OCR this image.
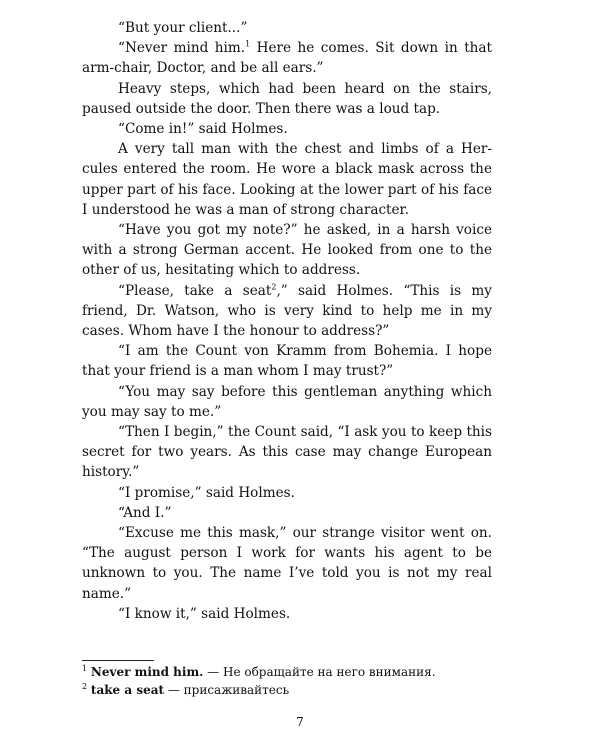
“But your client...”

“Never mind him.$^1$ Here he comes. Sit down in that arm-chair, Doctor, and be all ears.”

Heavy steps, which had been heard on the stairs, paused outside the door. Then there was a loud tap.

“Come in!” said Holmes.

A very tall man with the chest and limbs of a Hercules entered the room. He wore a black mask across the upper part of his face. Looking at the lower part of his face I understood he was a man of strong character.

“Have you got my note?” he asked, in a harsh voice with a strong German accent. He looked from one to the other of us, hesitating which to address.

“Please, take a seat$^2$,” said Holmes. “This is my friend, Dr. Watson, who is very kind to help me in my cases. Whom have I the honour to address?”

“I am the Count von Kramm from Bohemia. I hope that your friend is a man whom I may trust?”

“You may say before this gentleman anything which you may say to me.”

“Then I begin,” the Count said, “I ask you to keep this secret for two years. As this case may change European history.”

“I promise,” said Holmes.

“And I.”

“Excuse me this mask,” our strange visitor went on. “The august person I work for wants his agent to be unknown to you. The name I’ve told you is not my real name.”

“I know it,” said Holmes.

$^1$ Never mind him. — Не обращайте на него внимания.
$^2$ take a seat — присаживайтесь
7
